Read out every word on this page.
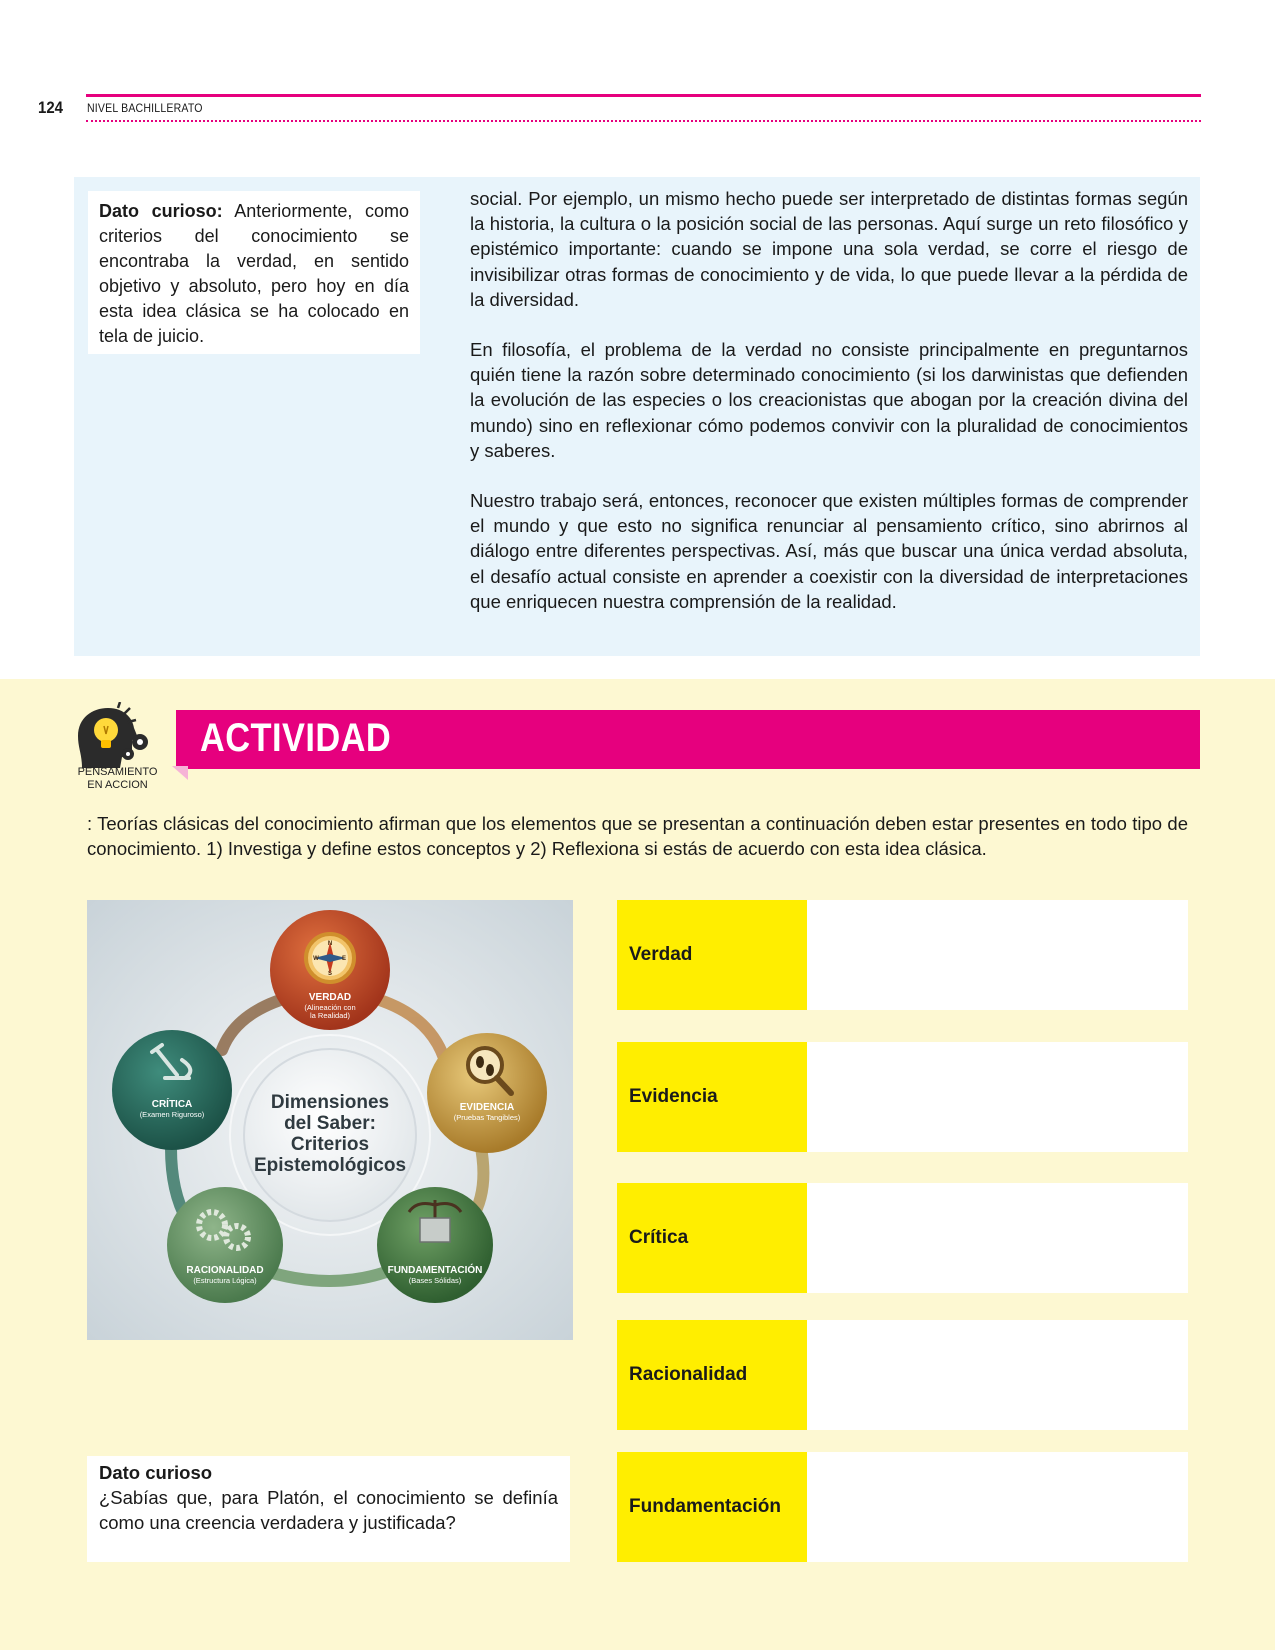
124 NIVEL BACHILLERATO
Dato curioso: Anteriormente, como criterios del conocimiento se encontraba la verdad, en sentido objetivo y absoluto, pero hoy en día esta idea clásica se ha colocado en tela de juicio.

social. Por ejemplo, un mismo hecho puede ser interpretado de distintas formas según la historia, la cultura o la posición social de las personas. Aquí surge un reto filosófico y epistémico importante: cuando se impone una sola verdad, se corre el riesgo de invisibilizar otras formas de conocimiento y de vida, lo que puede llevar a la pérdida de la diversidad.

En filosofía, el problema de la verdad no consiste principalmente en preguntarnos quién tiene la razón sobre determinado conocimiento (si los darwinistas que defienden la evolución de las especies o los creacionistas que abogan por la creación divina del mundo) sino en reflexionar cómo podemos convivir con la pluralidad de conocimientos y saberes.

Nuestro trabajo será, entonces, reconocer que existen múltiples formas de comprender el mundo y que esto no significa renunciar al pensamiento crítico, sino abrirnos al diálogo entre diferentes perspectivas. Así, más que buscar una única verdad absoluta, el desafío actual consiste en aprender a coexistir con la diversidad de interpretaciones que enriquecen nuestra comprensión de la realidad.

PENSAMIENTO
EN ACCION
ACTIVIDAD
: Teorías clásicas del conocimiento afirman que los elementos que se presentan a continuación deben estar presentes en todo tipo de conocimiento. 1) Investiga y define estos conceptos y 2) Reflexiona si estás de acuerdo con esta idea clásica.
Dimensiones
del Saber:
Criterios
Epistemológicos
N
E
S
W
VERDAD
(Alineación con
la Realidad)
EVIDENCIA
(Pruebas Tangibles)
CRÍTICA
(Examen Riguroso)
RACIONALIDAD
(Estructura Lógica)
FUNDAMENTACIÓN
(Bases Sólidas)
Verdad
Evidencia
Crítica
Racionalidad
Fundamentación
Dato curioso
¿Sabías que, para Platón, el conocimiento se definía como una creencia verdadera y justificada?
